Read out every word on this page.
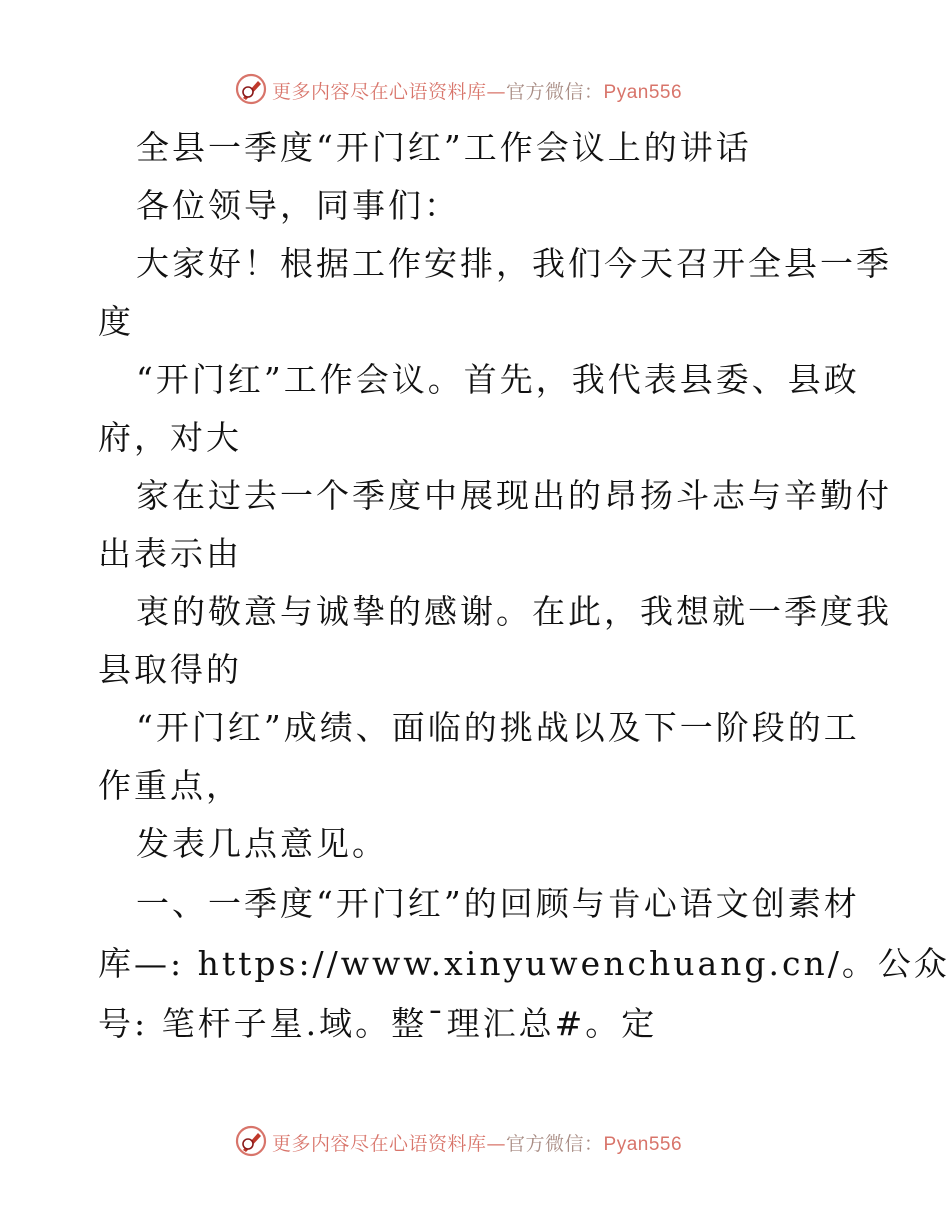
更多内容尽在心语资料库—官方微信：Pyan556
全县一季度“开门红”工作会议上的讲话
各位领导，同事们：
大家好！根据工作安排，我们今天召开全县一季
度
“开门红”工作会议。首先，我代表县委、县政
府，对大
家在过去一个季度中展现出的昂扬斗志与辛勤付
出表示由
衷的敬意与诚挚的感谢。在此，我想就一季度我
县取得的
“开门红”成绩、面临的挑战以及下一阶段的工
作重点，
发表几点意见。
一、一季度“开门红”的回顾与肯心语文创素材
库—: https://www.xinyuwenchuang.cn/。公众
号: 笔杆子星.域。整¯理汇总#。定
更多内容尽在心语资料库—官方微信：Pyan556
